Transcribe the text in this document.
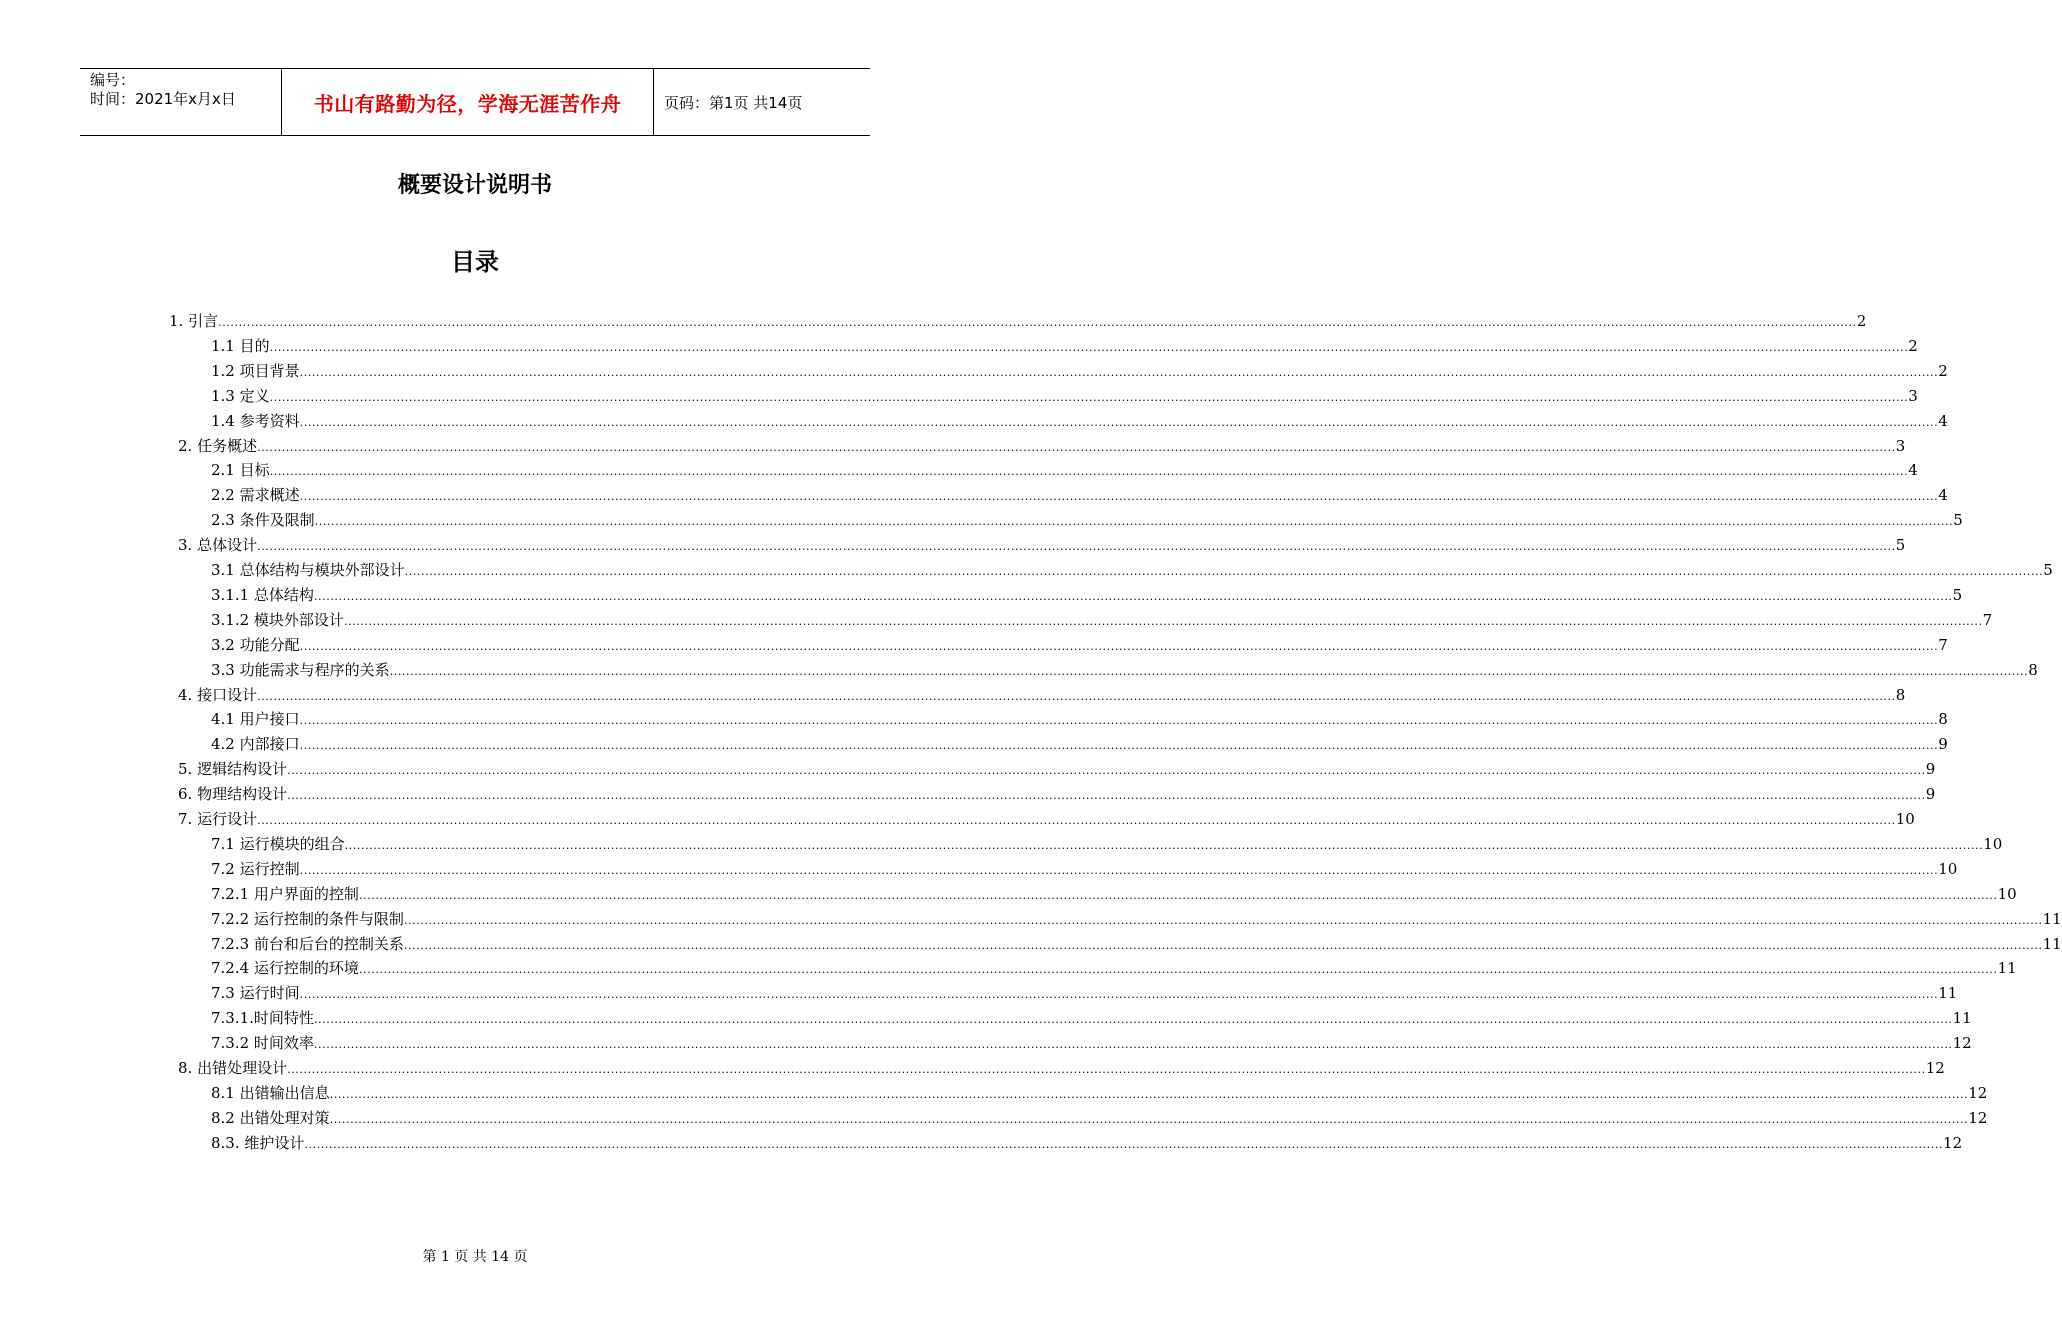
编号：
时间：2021年x月x日	书山有路勤为径，学海无涯苦作舟	页码：第1页 共14页
概要设计说明书
目录
1. 引言 ................................................................................................................................................................................................................................................................................................................................................................................................................ 2
1.1 目的 ................................................................................................................................................................................................................................................................................................................................................................................................................ 2
1.2 项目背景 ................................................................................................................................................................................................................................................................................................................................................................................................................ 2
1.3 定义 ................................................................................................................................................................................................................................................................................................................................................................................................................ 3
1.4 参考资料 ................................................................................................................................................................................................................................................................................................................................................................................................................ 4
2. 任务概述 ................................................................................................................................................................................................................................................................................................................................................................................................................ 3
2.1 目标 ................................................................................................................................................................................................................................................................................................................................................................................................................ 4
2.2 需求概述 ................................................................................................................................................................................................................................................................................................................................................................................................................ 4
2.3 条件及限制 ................................................................................................................................................................................................................................................................................................................................................................................................................ 5
3. 总体设计 ................................................................................................................................................................................................................................................................................................................................................................................................................ 5
3.1 总体结构与模块外部设计 ................................................................................................................................................................................................................................................................................................................................................................................................................ 5
3.1.1 总体结构 ................................................................................................................................................................................................................................................................................................................................................................................................................ 5
3.1.2 模块外部设计 ................................................................................................................................................................................................................................................................................................................................................................................................................ 7
3.2 功能分配 ................................................................................................................................................................................................................................................................................................................................................................................................................ 7
3.3 功能需求与程序的关系 ................................................................................................................................................................................................................................................................................................................................................................................................................ 8
4. 接口设计 ................................................................................................................................................................................................................................................................................................................................................................................................................ 8
4.1 用户接口 ................................................................................................................................................................................................................................................................................................................................................................................................................ 8
4.2 内部接口 ................................................................................................................................................................................................................................................................................................................................................................................................................ 9
5. 逻辑结构设计 ................................................................................................................................................................................................................................................................................................................................................................................................................ 9
6. 物理结构设计 ................................................................................................................................................................................................................................................................................................................................................................................................................ 9
7. 运行设计 ................................................................................................................................................................................................................................................................................................................................................................................................................ 10
7.1 运行模块的组合 ................................................................................................................................................................................................................................................................................................................................................................................................................ 10
7.2 运行控制 ................................................................................................................................................................................................................................................................................................................................................................................................................ 10
7.2.1 用户界面的控制 ................................................................................................................................................................................................................................................................................................................................................................................................................ 10
7.2.2 运行控制的条件与限制 ................................................................................................................................................................................................................................................................................................................................................................................................................ 11
7.2.3 前台和后台的控制关系 ................................................................................................................................................................................................................................................................................................................................................................................................................ 11
7.2.4 运行控制的环境 ................................................................................................................................................................................................................................................................................................................................................................................................................ 11
7.3 运行时间 ................................................................................................................................................................................................................................................................................................................................................................................................................ 11
7.3.1.时间特性 ................................................................................................................................................................................................................................................................................................................................................................................................................ 11
7.3.2 时间效率 ................................................................................................................................................................................................................................................................................................................................................................................................................ 12
8. 出错处理设计 ................................................................................................................................................................................................................................................................................................................................................................................................................ 12
8.1 出错输出信息 ................................................................................................................................................................................................................................................................................................................................................................................................................ 12
8.2 出错处理对策 ................................................................................................................................................................................................................................................................................................................................................................................................................ 12
8.3. 维护设计 ................................................................................................................................................................................................................................................................................................................................................................................................................ 12
第 1 页 共 14 页
